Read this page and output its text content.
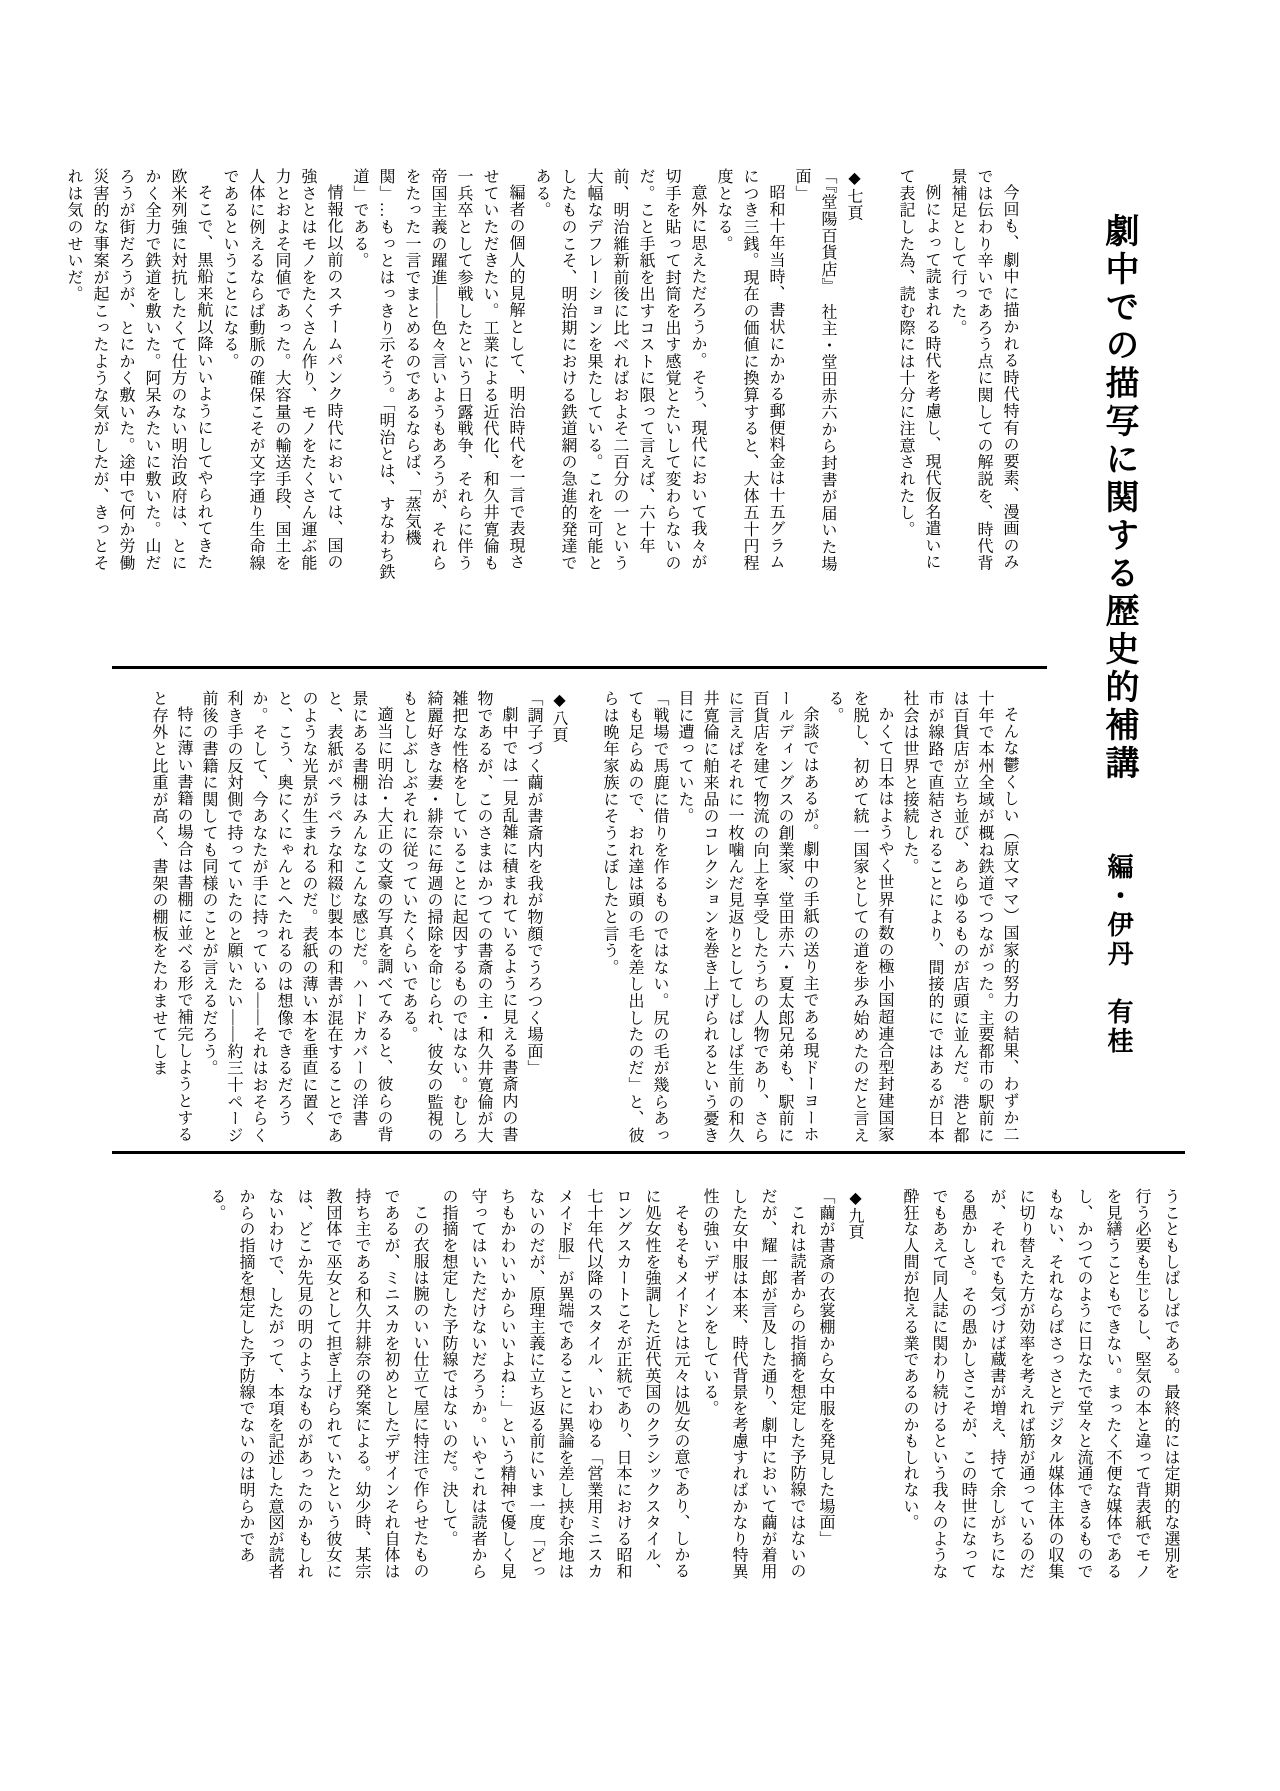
劇中での描写に関する歴史的補講
編・伊丹　有桂

今回も、劇中に描かれる時代特有の要素、漫画のみでは伝わり辛いであろう点に関しての解説を、時代背景補足として行った。

例によって読まれる時代を考慮し、現代仮名遣いにて表記した為、読む際には十分に注意されたし。

◆七頁

「『堂陽百貨店』　社主・堂田赤六から封書が届いた場面」

昭和十年当時、書状にかかる郵便料金は十五グラムにつき三銭。現在の価値に換算すると、大体五十円程度となる。

意外に思えただろうか。そう、現代において我々が切手を貼って封筒を出す感覚とたいして変わらないのだ。こと手紙を出すコストに限って言えば、六十年前、明治維新前後に比べればおよそ二百分の一という大幅なデフレーションを果たしている。これを可能としたものこそ、明治期における鉄道網の急進的発達である。

編者の個人的見解として、明治時代を一言で表現させていただきたい。工業による近代化、和久井寛倫も一兵卒として参戦したという日露戦争、それらに伴う帝国主義の躍進――色々言いようもあろうが、それらをたった一言でまとめるのであるならば、「蒸気機関」…もっとはっきり示そう。「明治とは、すなわち鉄道」である。

情報化以前のスチームパンク時代においては、国の強さとはモノをたくさん作り、モノをたくさん運ぶ能力とおよそ同値であった。大容量の輸送手段、国土を人体に例えるならば動脈の確保こそが文字通り生命線であるということになる。

そこで、黒船来航以降いいようにしてやられてきた欧米列強に対抗したくて仕方のない明治政府は、とにかく全力で鉄道を敷いた。阿呆みたいに敷いた。山だろうが街だろうが、とにかく敷いた。途中で何か労働災害的な事案が起こったような気がしたが、きっとそれは気のせいだ。

そんな鬱くしい（原文ママ）国家的努力の結果、わずか二十年で本州全域が概ね鉄道でつながった。主要都市の駅前には百貨店が立ち並び、あらゆるものが店頭に並んだ。港と都市が線路で直結されることにより、間接的にではあるが日本社会は世界と接続した。

かくて日本はようやく世界有数の極小国超連合型封建国家を脱し、初めて統一国家としての道を歩み始めたのだと言える。

余談ではあるが。劇中の手紙の送り主である現ドーヨーホールディングスの創業家、堂田赤六・夏太郎兄弟も、駅前に百貨店を建て物流の向上を享受したうちの人物であり、さらに言えばそれに一枚噛んだ見返りとしてしばしば生前の和久井寛倫に舶来品のコレクションを巻き上げられるという憂き目に遭っていた。

「戦場で馬鹿に借りを作るものではない。尻の毛が幾らあっても足らぬので、おれ達は頭の毛を差し出したのだ」と、彼らは晩年家族にそうこぼしたと言う。

◆八頁

「調子づく繭が書斎内を我が物顔でうろつく場面」

劇中では一見乱雑に積まれているように見える書斎内の書物であるが、このさまはかつての書斎の主・和久井寛倫が大雑把な性格をしていることに起因するものではない。むしろ綺麗好きな妻・緋奈に毎週の掃除を命じられ、彼女の監視のもとしぶしぶそれに従っていたくらいである。

適当に明治・大正の文豪の写真を調べてみると、彼らの背景にある書棚はみんなこんな感じだ。ハードカバーの洋書と、表紙がペラペラな和綴じ製本の和書が混在することであのような光景が生まれるのだ。表紙の薄い本を垂直に置くと、こう、奥にくにゃんとへたれるのは想像できるだろうか。そして、今あなたが手に持っている――それはおそらく利き手の反対側で持っていたのと願いたい――約三十ページ前後の書籍に関しても同様のことが言えるだろう。

特に薄い書籍の場合は書棚に並べる形で補完しようとすると存外と比重が高く、書架の棚板をたわませてしま

うこともしばしばである。最終的には定期的な選別を行う必要も生じるし、堅気の本と違って背表紙でモノを見繕うこともできない。まったく不便な媒体であるし、かつてのように日なたで堂々と流通できるものでもない、それならばさっさとデジタル媒体主体の収集に切り替えた方が効率を考えれば筋が通っているのだが、それでも気づけば蔵書が増え、持て余しがちになる愚かしさ。その愚かしさこそが、この時世になってでもあえて同人誌に関わり続けるという我々のような酔狂な人間が抱える業であるのかもしれない。

◆九頁

「繭が書斎の衣裳棚から女中服を発見した場面」

これは読者からの指摘を想定した予防線ではないのだが、耀一郎が言及した通り、劇中において繭が着用した女中服は本来、時代背景を考慮すればかなり特異性の強いデザインをしている。

そもそもメイドとは元々は処女の意であり、しかるに処女性を強調した近代英国のクラシックスタイル、ロングスカートこそが正統であり、日本における昭和七十年代以降のスタイル、いわゆる「営業用ミニスカメイド服」が異端であることに異論を差し挟む余地はないのだが、原理主義に立ち返る前にいま一度「どっちもかわいいからいいよね…」という精神で優しく見守ってはいただけないだろうか。いやこれは読者からの指摘を想定した予防線ではないのだ。決して。

この衣服は腕のいい仕立て屋に特注で作らせたものであるが、ミニスカを初めとしたデザインそれ自体は持ち主である和久井緋奈の発案による。幼少時、某宗教団体で巫女として担ぎ上げられていたという彼女には、どこか先見の明のようなものがあったのかもしれないわけで、したがって、本項を記述した意図が読者からの指摘を想定した予防線でないのは明らかである。
